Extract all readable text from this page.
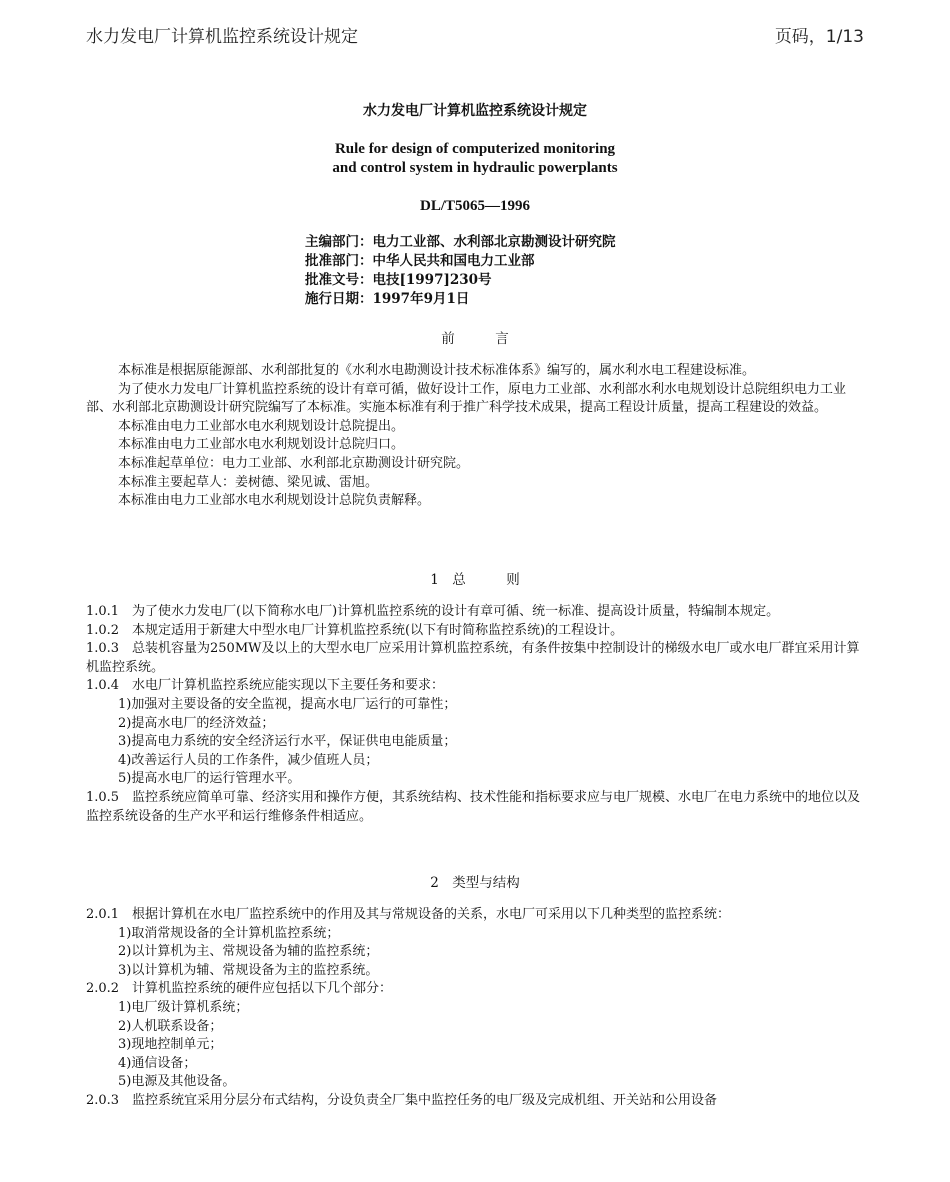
水力发电厂计算机监控系统设计规定	页码，1/13
水力发电厂计算机监控系统设计规定
Rule for design of computerized monitoring
and control system in hydraulic powerplants
DL/T5065—1996
主编部门：电力工业部、水利部北京勘测设计研究院
批准部门：中华人民共和国电力工业部
批准文号：电技[1997]230号
施行日期：1997年9月1日
前　　　言

本标准是根据原能源部、水利部批复的《水利水电勘测设计技术标准体系》编写的，属水利水电工程建设标准。

为了使水力发电厂计算机监控系统的设计有章可循，做好设计工作，原电力工业部、水利部水利水电规划设计总院组织电力工业部、水利部北京勘测设计研究院编写了本标准。实施本标准有利于推广科学技术成果，提高工程设计质量，提高工程建设的效益。

本标准由电力工业部水电水利规划设计总院提出。

本标准由电力工业部水电水利规划设计总院归口。

本标准起草单位：电力工业部、水利部北京勘测设计研究院。

本标准主要起草人：姜树德、梁见诚、雷旭。

本标准由电力工业部水电水利规划设计总院负责解释。

1　总　　　则

1.0.1 为了使水力发电厂(以下简称水电厂)计算机监控系统的设计有章可循、统一标准、提高设计质量，特编制本规定。

1.0.2 本规定适用于新建大中型水电厂计算机监控系统(以下有时简称监控系统)的工程设计。

1.0.3 总装机容量为250MW及以上的大型水电厂应采用计算机监控系统，有条件按集中控制设计的梯级水电厂或水电厂群宜采用计算机监控系统。

1.0.4 水电厂计算机监控系统应能实现以下主要任务和要求：

1)加强对主要设备的安全监视，提高水电厂运行的可靠性；

2)提高水电厂的经济效益；

3)提高电力系统的安全经济运行水平，保证供电电能质量；

4)改善运行人员的工作条件，减少值班人员；

5)提高水电厂的运行管理水平。

1.0.5 监控系统应简单可靠、经济实用和操作方便，其系统结构、技术性能和指标要求应与电厂规模、水电厂在电力系统中的地位以及监控系统设备的生产水平和运行维修条件相适应。

2　类型与结构

2.0.1 根据计算机在水电厂监控系统中的作用及其与常规设备的关系，水电厂可采用以下几种类型的监控系统：

1)取消常规设备的全计算机监控系统；

2)以计算机为主、常规设备为辅的监控系统；

3)以计算机为辅、常规设备为主的监控系统。

2.0.2 计算机监控系统的硬件应包括以下几个部分：

1)电厂级计算机系统；

2)人机联系设备；

3)现地控制单元；

4)通信设备；

5)电源及其他设备。

2.0.3 监控系统宜采用分层分布式结构，分设负责全厂集中监控任务的电厂级及完成机组、开关站和公用设备
